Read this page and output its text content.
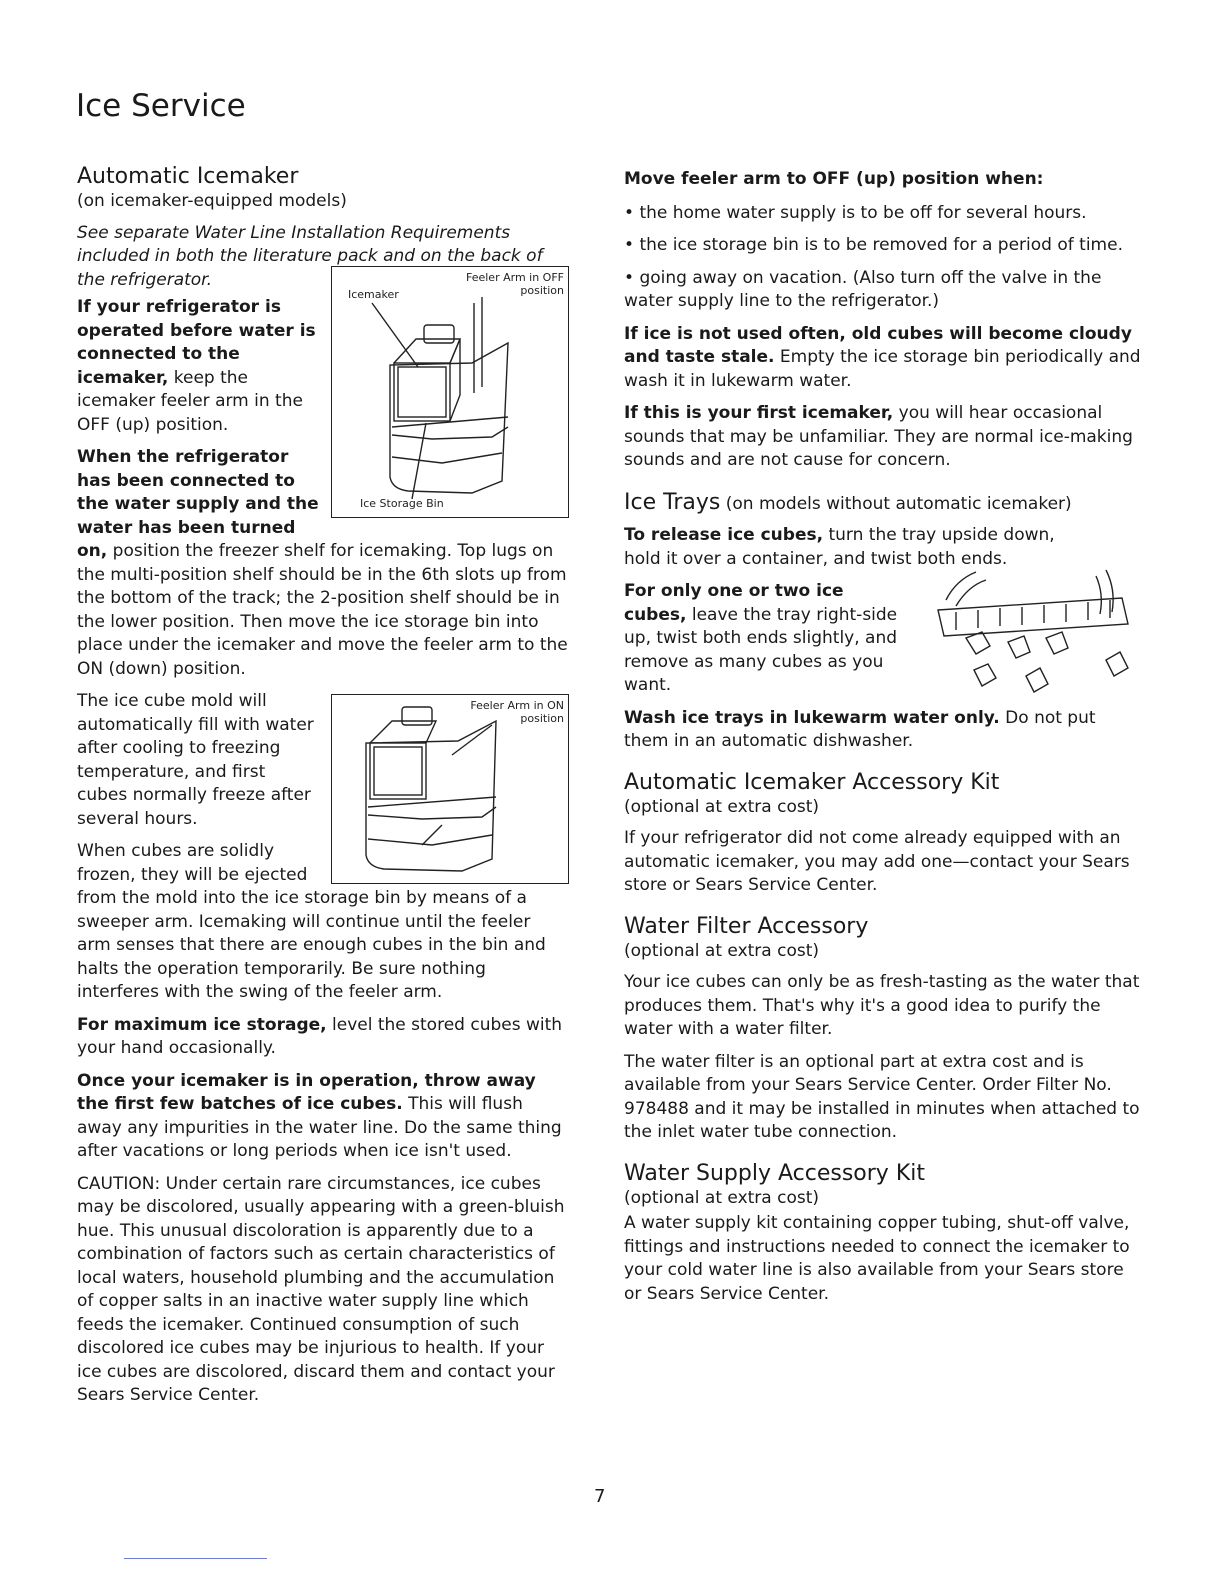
Ice Service
Automatic Icemaker

(on icemaker-equipped models)

See separate Water Line Installation Requirements included in both the literature pack and on the back of the refrigerator.

Icemaker
Feeler Arm in OFF position
Ice Storage Bin

If your refrigerator is operated before water is connected to the icemaker, keep the icemaker feeler arm in the OFF (up) position.

When the refrigerator has been connected to the water supply and the water has been turned on, position the freezer shelf for icemaking. Top lugs on the multi-position shelf should be in the 6th slots up from the bottom of the track; the 2-position shelf should be in the lower position. Then move the ice storage bin into place under the icemaker and move the feeler arm to the ON (down) position.

Feeler Arm in ON position

The ice cube mold will automatically fill with water after cooling to freezing temperature, and first cubes normally freeze after several hours.

When cubes are solidly frozen, they will be ejected from the mold into the ice storage bin by means of a sweeper arm. Icemaking will continue until the feeler arm senses that there are enough cubes in the bin and halts the operation temporarily. Be sure nothing interferes with the swing of the feeler arm.

For maximum ice storage, level the stored cubes with your hand occasionally.

Once your icemaker is in operation, throw away the first few batches of ice cubes. This will flush away any impurities in the water line. Do the same thing after vacations or long periods when ice isn't used.

CAUTION: Under certain rare circumstances, ice cubes may be discolored, usually appearing with a green-bluish hue. This unusual discoloration is apparently due to a combination of factors such as certain characteristics of local waters, household plumbing and the accumulation of copper salts in an inactive water supply line which feeds the icemaker. Continued consumption of such discolored ice cubes may be injurious to health. If your ice cubes are discolored, discard them and contact your Sears Service Center.

Move feeler arm to OFF (up) position when:

• the home water supply is to be off for several hours.

• the ice storage bin is to be removed for a period of time.

• going away on vacation. (Also turn off the valve in the water supply line to the refrigerator.)

If ice is not used often, old cubes will become cloudy and taste stale. Empty the ice storage bin periodically and wash it in lukewarm water.

If this is your first icemaker, you will hear occasional sounds that may be unfamiliar. They are normal ice-making sounds and are not cause for concern.

Ice Trays (on models without automatic icemaker)

To release ice cubes, turn the tray upside down, hold it over a container, and twist both ends.

For only one or two ice cubes, leave the tray right-side up, twist both ends slightly, and remove as many cubes as you want.

Wash ice trays in lukewarm water only. Do not put them in an automatic dishwasher.

Automatic Icemaker Accessory Kit

(optional at extra cost)

If your refrigerator did not come already equipped with an automatic icemaker, you may add one—contact your Sears store or Sears Service Center.

Water Filter Accessory

(optional at extra cost)

Your ice cubes can only be as fresh-tasting as the water that produces them. That's why it's a good idea to purify the water with a water filter.

The water filter is an optional part at extra cost and is available from your Sears Service Center. Order Filter No. 978488 and it may be installed in minutes when attached to the inlet water tube connection.

Water Supply Accessory Kit

(optional at extra cost)

A water supply kit containing copper tubing, shut-off valve, fittings and instructions needed to connect the icemaker to your cold water line is also available from your Sears store or Sears Service Center.

7
